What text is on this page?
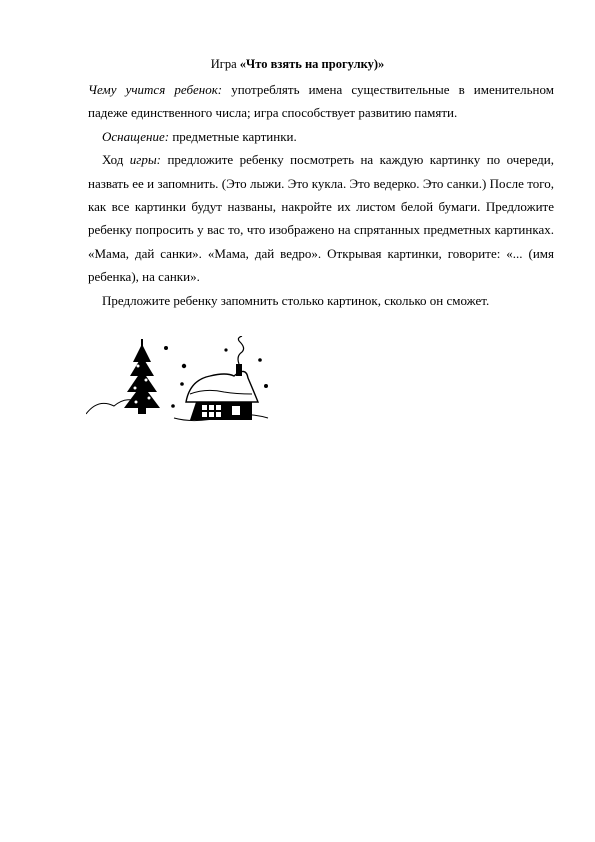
Игра «Что взять на прогулку)»

Чему учится ребенок: употреблять имена существительные в именительном падеже единственного числа; игра способствует развитию памяти.

Оснащение: предметные картинки.

Ход игры: предложите ребенку посмотреть на каждую картинку по очереди, назвать ее и запомнить. (Это лыжи. Это кукла. Это ведерко. Это санки.) После того, как все картинки будут названы, накройте их листом белой бумаги. Предложите ребенку попросить у вас то, что изображено на спрятанных предметных картинках. «Мама, дай санки». «Мама, дай ведро». Открывая картинки, говорите: «... (имя ребенка), на санки».

Предложите ребенку запомнить столько картинок, сколько он сможет.
